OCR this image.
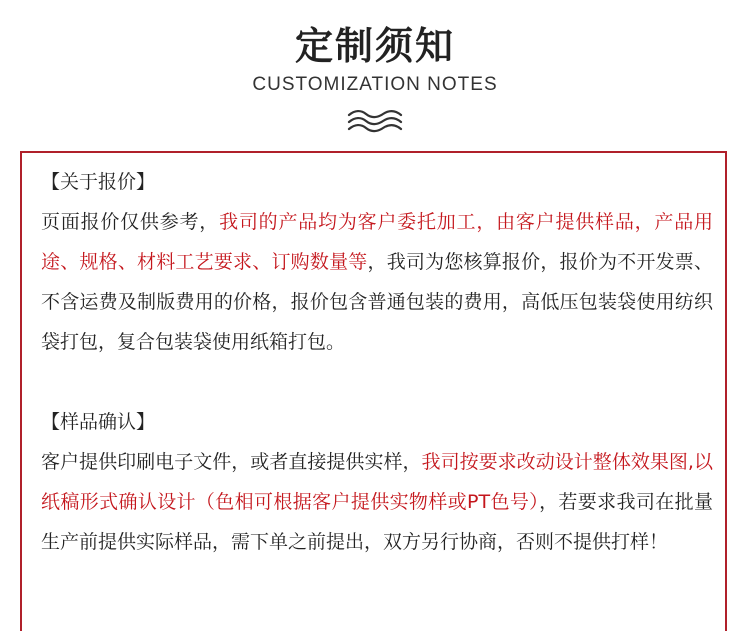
定制须知
CUSTOMIZATION NOTES
【关于报价】
页面报价仅供参考，我司的产品均为客户委托加工，由客户提供样品，产品用途、规格、材料工艺要求、订购数量等，我司为您核算报价，报价为不开发票、不含运费及制版费用的价格，报价包含普通包装的费用，高低压包装袋使用纺织袋打包，复合包装袋使用纸箱打包。
【样品确认】
客户提供印刷电子文件，或者直接提供实样，我司按要求改动设计整体效果图,以纸稿形式确认设计（色相可根据客户提供实物样或PT色号），若要求我司在批量生产前提供实际样品，需下单之前提出，双方另行协商，否则不提供打样！
